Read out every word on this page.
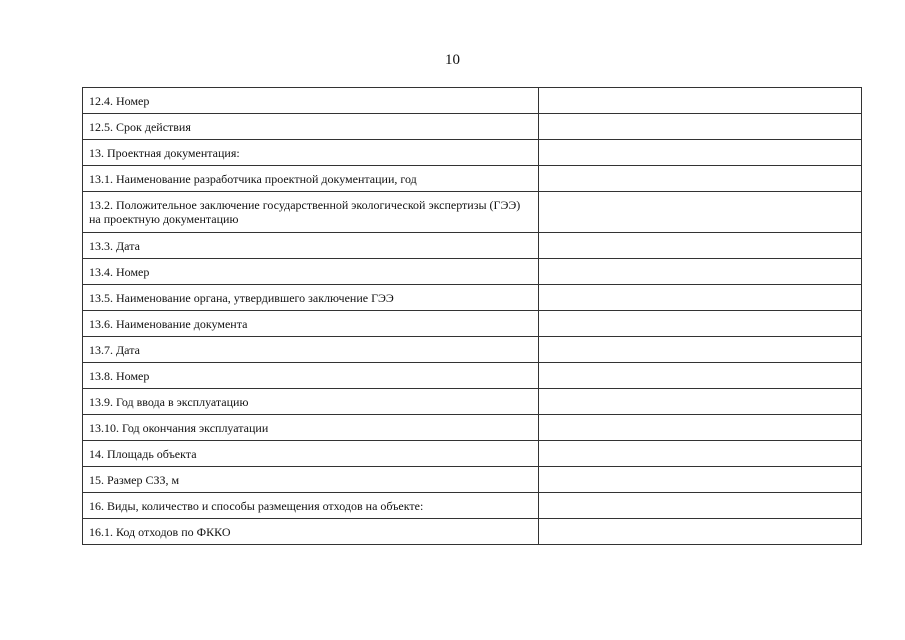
10
12.4. Номер	
12.5. Срок действия	
13. Проектная документация:	
13.1. Наименование разработчика проектной документации, год	
13.2. Положительное заключение государственной экологической экспертизы (ГЭЭ) на проектную документацию	
13.3. Дата	
13.4. Номер	
13.5. Наименование органа, утвердившего заключение ГЭЭ	
13.6. Наименование документа	
13.7. Дата	
13.8. Номер	
13.9. Год ввода в эксплуатацию	
13.10. Год окончания эксплуатации	
14. Площадь объекта	
15. Размер СЗЗ, м	
16. Виды, количество и способы размещения отходов на объекте:	
16.1. Код отходов по ФККО	
